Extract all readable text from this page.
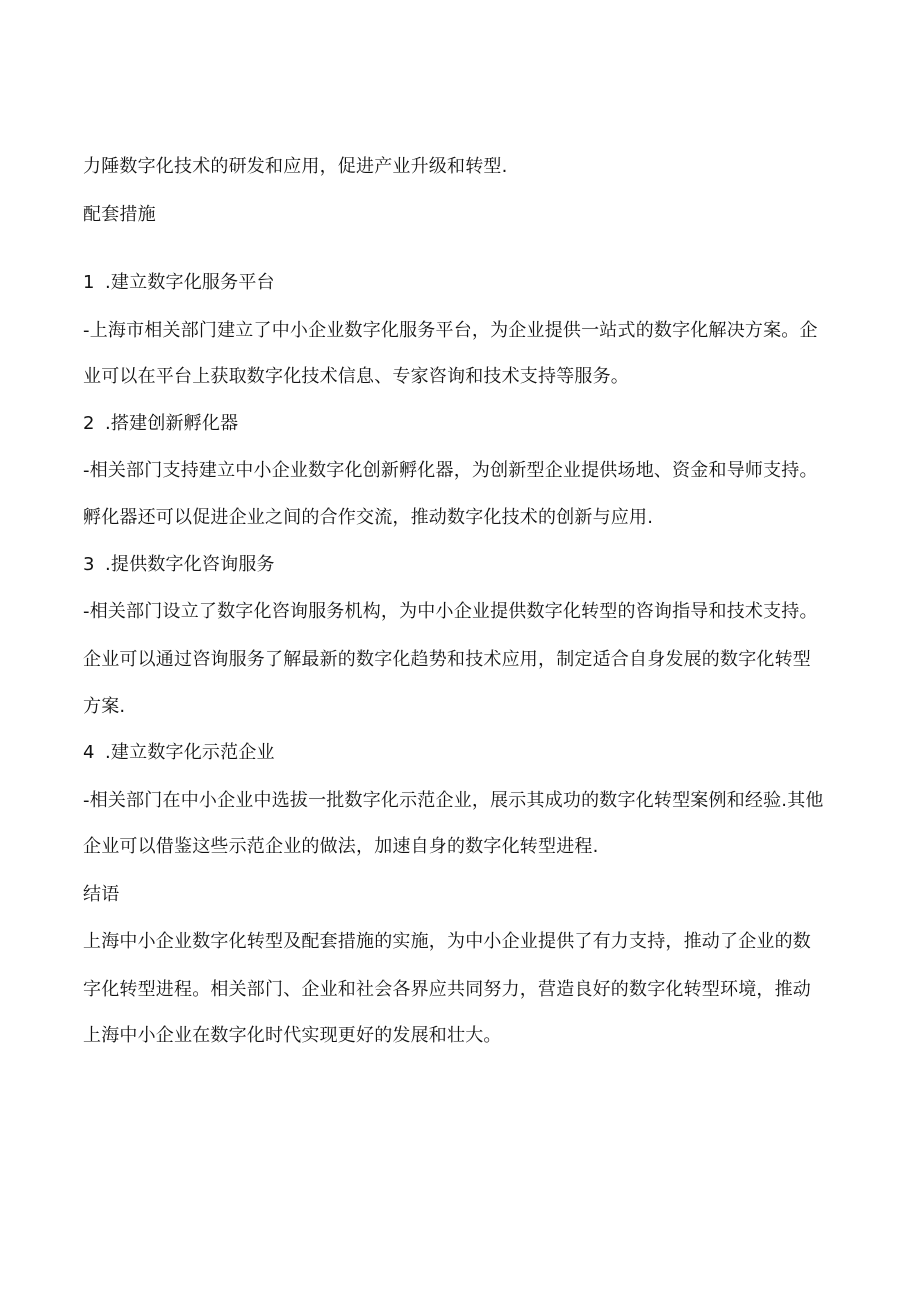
力陲数字化技术的研发和应用，促进产业升级和转型.
配套措施
1 .建立数字化服务平台
-上海市相关部门建立了中小企业数字化服务平台，为企业提供一站式的数字化解决方案。企
业可以在平台上获取数字化技术信息、专家咨询和技术支持等服务。
2 .搭建创新孵化器
-相关部门支持建立中小企业数字化创新孵化器，为创新型企业提供场地、资金和导师支持。
孵化器还可以促进企业之间的合作交流，推动数字化技术的创新与应用.
3 .提供数字化咨询服务
-相关部门设立了数字化咨询服务机构，为中小企业提供数字化转型的咨询指导和技术支持。
企业可以通过咨询服务了解最新的数字化趋势和技术应用，制定适合自身发展的数字化转型
方案.
4 .建立数字化示范企业
-相关部门在中小企业中选拔一批数字化示范企业，展示其成功的数字化转型案例和经验.其他
企业可以借鉴这些示范企业的做法，加速自身的数字化转型进程.
结语
上海中小企业数字化转型及配套措施的实施，为中小企业提供了有力支持，推动了企业的数
字化转型进程。相关部门、企业和社会各界应共同努力，营造良好的数字化转型环境，推动
上海中小企业在数字化时代实现更好的发展和壮大。
